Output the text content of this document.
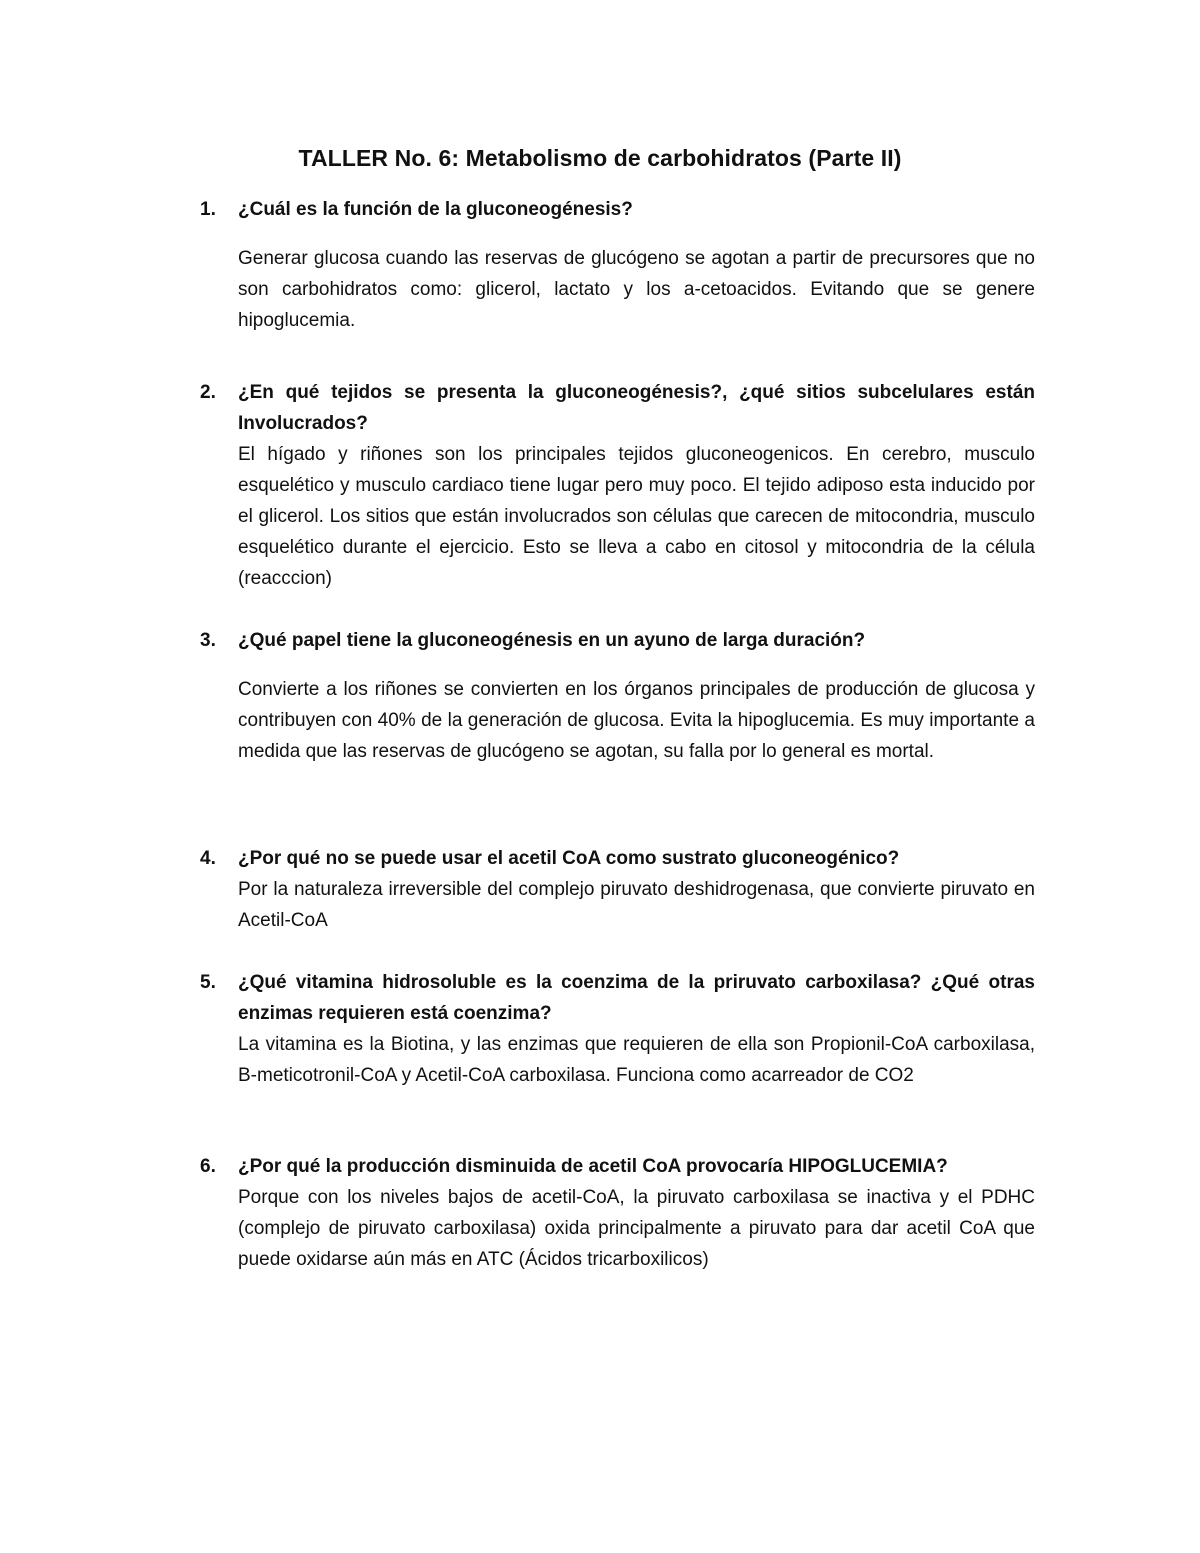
TALLER No. 6: Metabolismo de carbohidratos (Parte II)
1.	¿Cuál es la función de la gluconeogénesis?
Generar glucosa cuando las reservas de glucógeno se agotan a partir de precursores que no son carbohidratos como: glicerol, lactato y los a-cetoacidos. Evitando que se genere hipoglucemia.
2.	¿En qué tejidos se presenta la gluconeogénesis?, ¿qué sitios subcelulares están Involucrados?
El hígado y riñones son los principales tejidos gluconeogenicos. En cerebro, musculo esquelético y musculo cardiaco tiene lugar pero muy poco. El tejido adiposo esta inducido por el glicerol. Los sitios que están involucrados son células que carecen de mitocondria, musculo esquelético durante el ejercicio. Esto se lleva a cabo en citosol y mitocondria de la célula (reacccion)
3.	¿Qué papel tiene la gluconeogénesis en un ayuno de larga duración?
Convierte a los riñones se convierten en los órganos principales de producción de glucosa y contribuyen con 40% de la generación de glucosa. Evita la hipoglucemia. Es muy importante a medida que las reservas de glucógeno se agotan, su falla por lo general es mortal.
4.	¿Por qué no se puede usar el acetil CoA como sustrato gluconeogénico?
Por la naturaleza irreversible del complejo piruvato deshidrogenasa, que convierte piruvato en Acetil-CoA
5.	¿Qué vitamina hidrosoluble es la coenzima de la priruvato carboxilasa? ¿Qué otras enzimas requieren está coenzima?
La vitamina es la Biotina, y las enzimas que requieren de ella son Propionil-CoA carboxilasa, B-meticotronil-CoA y Acetil-CoA carboxilasa. Funciona como acarreador de CO2
6.	¿Por qué la producción disminuida de acetil CoA provocaría HIPOGLUCEMIA?
Porque con los niveles bajos de acetil-CoA, la piruvato carboxilasa se inactiva y el PDHC (complejo de piruvato carboxilasa) oxida principalmente a piruvato para dar acetil CoA que puede oxidarse aún más en ATC (Ácidos tricarboxilicos)
